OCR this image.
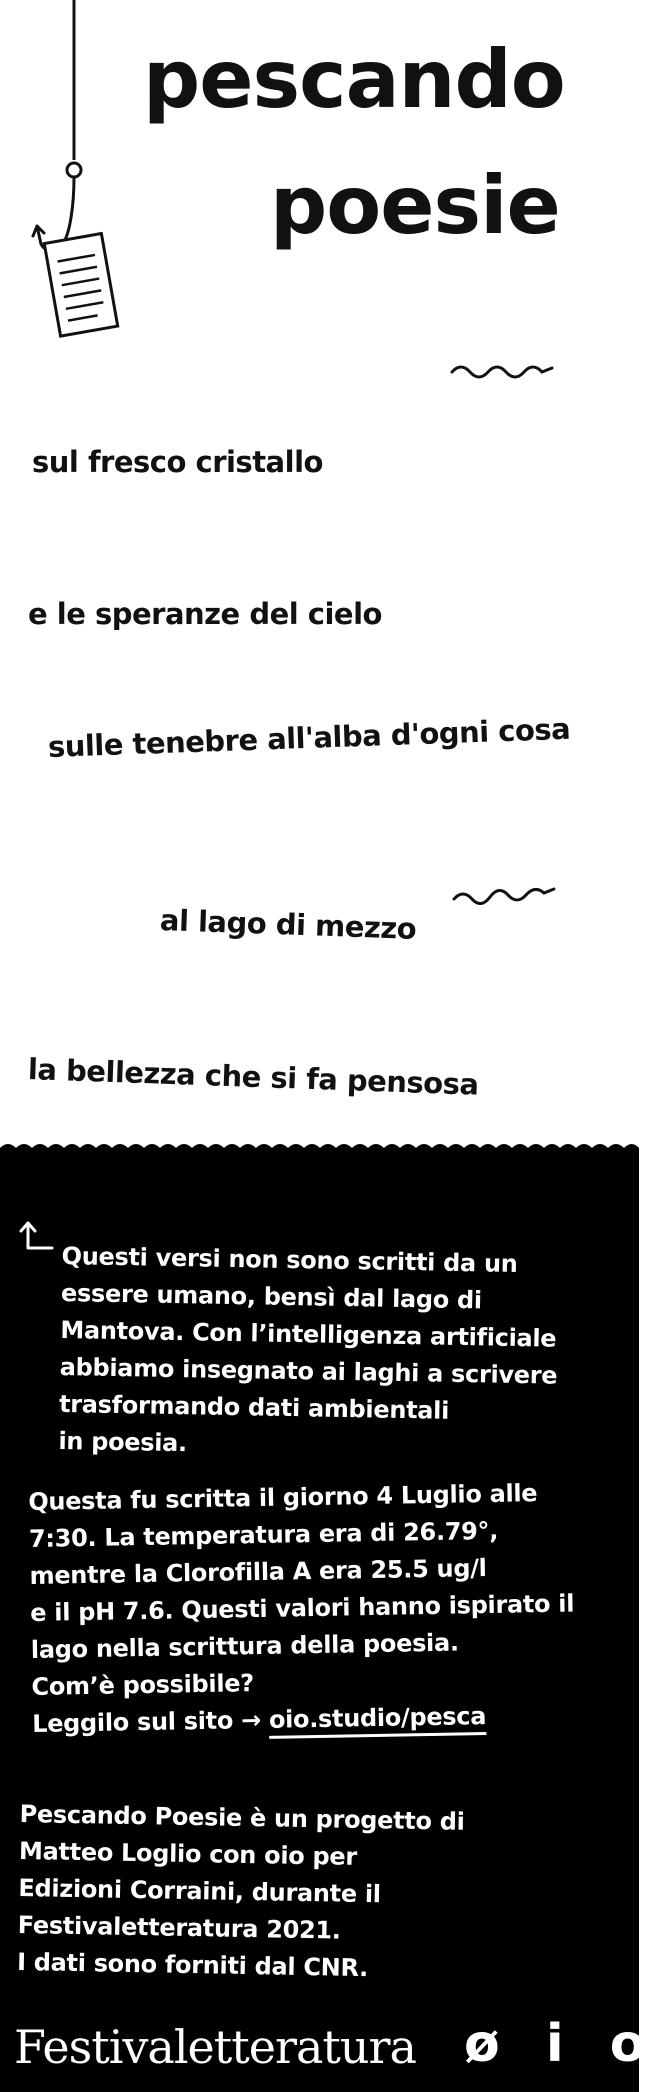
pescando
poesie
sul fresco cristallo
e le speranze del cielo
sulle tenebre all'alba d'ogni cosa
al lago di mezzo
la bellezza che si fa pensosa
Questi versi non sono scritti da un
essere umano, bensì dal lago di
Mantova. Con l’intelligenza artificiale
abbiamo insegnato ai laghi a scrivere
trasformando dati ambientali
in poesia.
Questa fu scritta il giorno 4 Luglio alle
7:30. La temperatura era di 26.79°,
mentre la Clorofilla A era 25.5 ug/l
e il pH 7.6. Questi valori hanno ispirato il
lago nella scrittura della poesia.
Com’è possibile?
Leggilo sul sito → oio.studio/pesca
Pescando Poesie è un progetto di
Matteo Loglio con oio per
Edizioni Corraini, durante il
Festivaletteratura 2021.
I dati sono forniti dal CNR.
Festivaletteratura ø i o
